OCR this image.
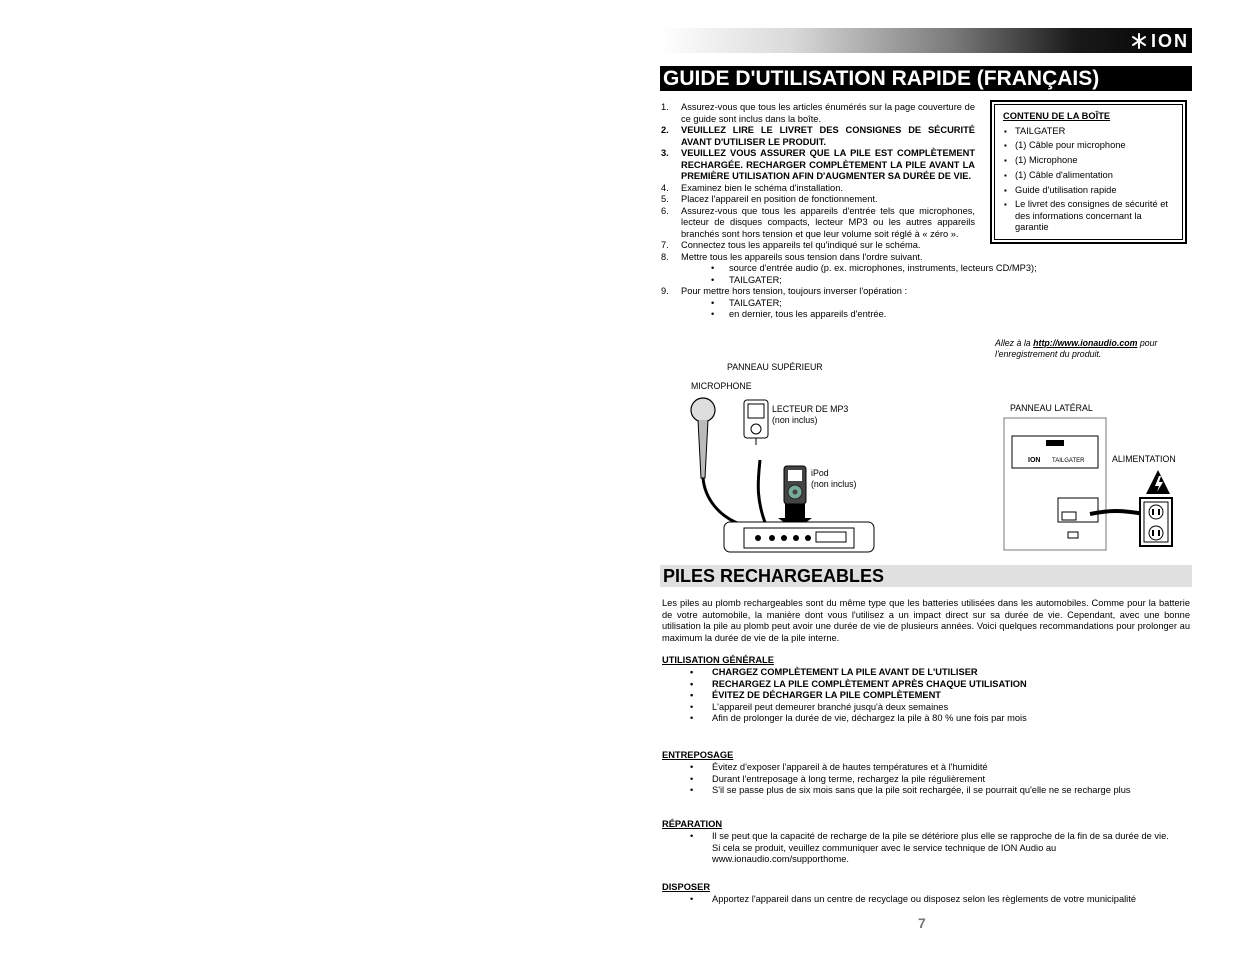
ION
GUIDE D'UTILISATION RAPIDE (FRANÇAIS)
1. Assurez-vous que tous les articles énumérés sur la page couverture de ce guide sont inclus dans la boîte.
2. VEUILLEZ LIRE LE LIVRET DES CONSIGNES DE SÉCURITÉ AVANT D'UTILISER LE PRODUIT.
3. VEUILLEZ VOUS ASSURER QUE LA PILE EST COMPLÈTEMENT RECHARGÉE. RECHARGER COMPLÈTEMENT LA PILE AVANT LA PREMIÈRE UTILISATION AFIN D'AUGMENTER SA DURÉE DE VIE.
4. Examinez bien le schéma d'installation.
5. Placez l'appareil en position de fonctionnement.
6. Assurez-vous que tous les appareils d'entrée tels que microphones, lecteur de disques compacts, lecteur MP3 ou les autres appareils branchés sont hors tension et que leur volume soit réglé à « zéro ».
7. Connectez tous les appareils tel qu'indiqué sur le schéma.
8. Mettre tous les appareils sous tension dans l'ordre suivant.
• source d'entrée audio (p. ex. microphones, instruments, lecteurs CD/MP3);
• TAILGATER;
9. Pour mettre hors tension, toujours inverser l'opération :
• TAILGATER;
• en dernier, tous les appareils d'entrée.
CONTENU DE LA BOÎTE
▪ TAILGATER
▪ (1) Câble pour microphone
▪ (1) Microphone
▪ (1) Câble d'alimentation
▪ Guide d'utilisation rapide
▪ Le livret des consignes de sécurité et des informations concernant la garantie
Allez à la http://www.ionaudio.com pour l'enregistrement du produit.
PANNEAU SUPÉRIEUR
MICROPHONE
LECTEUR DE MP3
(non inclus)
iPod
(non inclus)
PANNEAU LATÉRAL
ALIMENTATION
ION TAILGATER
PILES RECHARGEABLES

Les piles au plomb rechargeables sont du même type que les batteries utilisées dans les automobiles. Comme pour la batterie de votre automobile, la manière dont vous l'utilisez a un impact direct sur sa durée de vie. Cependant, avec une bonne utilisation la pile au plomb peut avoir une durée de vie de plusieurs années. Voici quelques recommandations pour prolonger au maximum la durée de vie de la pile interne.

UTILISATION GÉNÉRALE
• CHARGEZ COMPLÈTEMENT LA PILE AVANT DE L'UTILISER
• RECHARGEZ LA PILE COMPLÈTEMENT APRÈS CHAQUE UTILISATION
• ÉVITEZ DE DÉCHARGER LA PILE COMPLÈTEMENT
• L'appareil peut demeurer branché jusqu'à deux semaines
• Afin de prolonger la durée de vie, déchargez la pile à 80 % une fois par mois
ENTREPOSAGE
• Évitez d'exposer l'appareil à de hautes températures et à l'humidité
• Durant l'entreposage à long terme, rechargez la pile régulièrement
• S'il se passe plus de six mois sans que la pile soit rechargée, il se pourrait qu'elle ne se recharge plus
RÉPARATION
• Il se peut que la capacité de recharge de la pile se détériore plus elle se rapproche de la fin de sa durée de vie. Si cela se produit, veuillez communiquer avec le service technique de ION Audio au www.ionaudio.com/supporthome.
DISPOSER
• Apportez l'appareil dans un centre de recyclage ou disposez selon les règlements de votre municipalité
7
